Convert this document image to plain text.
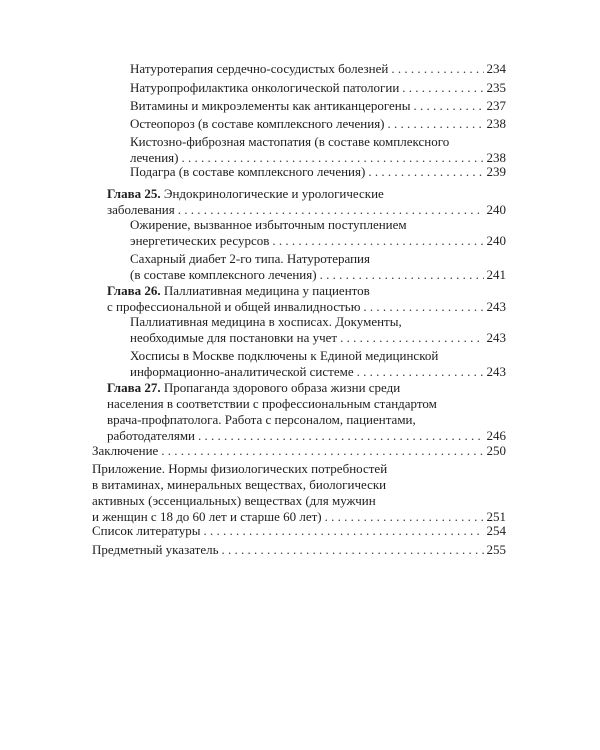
Натуротерапия сердечно-сосудистых болезней . . .	234
Натуропрофилактика онкологической патологии . . .	235
Витамины и микроэлементы как антиканцерогены . . .	237
Остеопороз (в составе комплексного лечения) . . .	238
Кистозно-фиброзная мастопатия (в составе комплексного
лечения) . . .	238
Подагра (в составе комплексного лечения) . . .	239
Глава 25. Эндокринологические и урологические
заболевания . . .	240
Ожирение, вызванное избыточным поступлением
энергетических ресурсов . . .	240
Сахарный диабет 2-го типа. Натуротерапия
(в составе комплексного лечения) . . .	241
Глава 26. Паллиативная медицина у пациентов
с профессиональной и общей инвалидностью . . .	243
Паллиативная медицина в хосписах. Документы,
необходимые для постановки на учет . . .	243
Хосписы в Москве подключены к Единой медицинской
информационно-аналитической системе . . .	243
Глава 27. Пропаганда здорового образа жизни среди
населения в соответствии с профессиональным стандартом
врача-профпатолога. Работа с персоналом, пациентами,
работодателями . . .	246
Заключение . . .	250
Приложение. Нормы физиологических потребностей
в витаминах, минеральных веществах, биологически
активных (эссенциальных) веществах (для мужчин
и женщин с 18 до 60 лет и старше 60 лет) . . .	251
Список литературы . . .	254
Предметный указатель . . .	255
